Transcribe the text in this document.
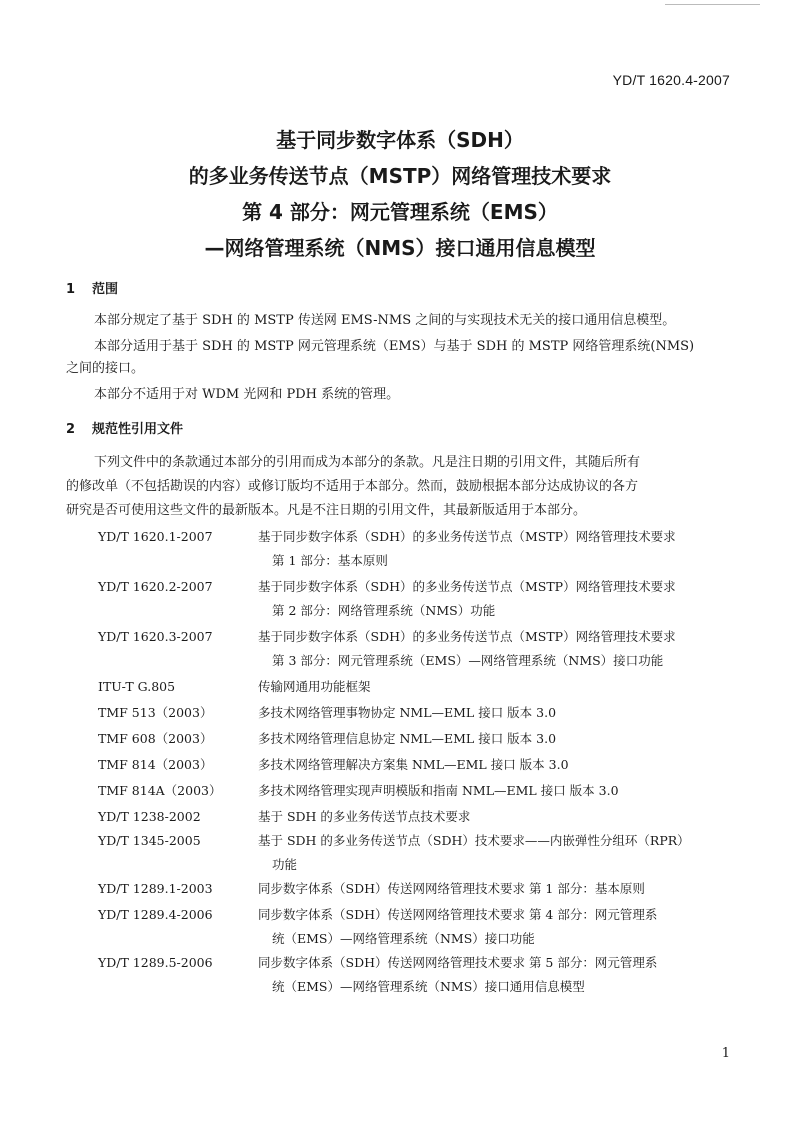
YD/T 1620.4-2007
基于同步数字体系（SDH）
的多业务传送节点（MSTP）网络管理技术要求
第 4 部分：网元管理系统（EMS）
—网络管理系统（NMS）接口通用信息模型
1 范围
本部分规定了基于 SDH 的 MSTP 传送网 EMS-NMS 之间的与实现技术无关的接口通用信息模型。
本部分适用于基于 SDH 的 MSTP 网元管理系统（EMS）与基于 SDH 的 MSTP 网络管理系统(NMS)
之间的接口。
本部分不适用于对 WDM 光网和 PDH 系统的管理。
2 规范性引用文件
下列文件中的条款通过本部分的引用而成为本部分的条款。凡是注日期的引用文件，其随后所有
的修改单（不包括勘误的内容）或修订版均不适用于本部分。然而，鼓励根据本部分达成协议的各方
研究是否可使用这些文件的最新版本。凡是不注日期的引用文件，其最新版适用于本部分。
YD/T 1620.1-2007	基于同步数字体系（SDH）的多业务传送节点（MSTP）网络管理技术要求
第 1 部分：基本原则
YD/T 1620.2-2007	基于同步数字体系（SDH）的多业务传送节点（MSTP）网络管理技术要求
第 2 部分：网络管理系统（NMS）功能
YD/T 1620.3-2007	基于同步数字体系（SDH）的多业务传送节点（MSTP）网络管理技术要求
第 3 部分：网元管理系统（EMS）—网络管理系统（NMS）接口功能
ITU-T G.805	传输网通用功能框架
TMF 513（2003）	多技术网络管理事物协定 NML—EML 接口 版本 3.0
TMF 608（2003）	多技术网络管理信息协定 NML—EML 接口 版本 3.0
TMF 814（2003）	多技术网络管理解决方案集 NML—EML 接口 版本 3.0
TMF 814A（2003）	多技术网络管理实现声明模版和指南 NML—EML 接口 版本 3.0
YD/T 1238-2002	基于 SDH 的多业务传送节点技术要求
YD/T 1345-2005	基于 SDH 的多业务传送节点（SDH）技术要求——内嵌弹性分组环（RPR）
功能
YD/T 1289.1-2003	同步数字体系（SDH）传送网网络管理技术要求 第 1 部分：基本原则
YD/T 1289.4-2006	同步数字体系（SDH）传送网网络管理技术要求 第 4 部分：网元管理系
统（EMS）—网络管理系统（NMS）接口功能
YD/T 1289.5-2006	同步数字体系（SDH）传送网网络管理技术要求 第 5 部分：网元管理系
统（EMS）—网络管理系统（NMS）接口通用信息模型
1
